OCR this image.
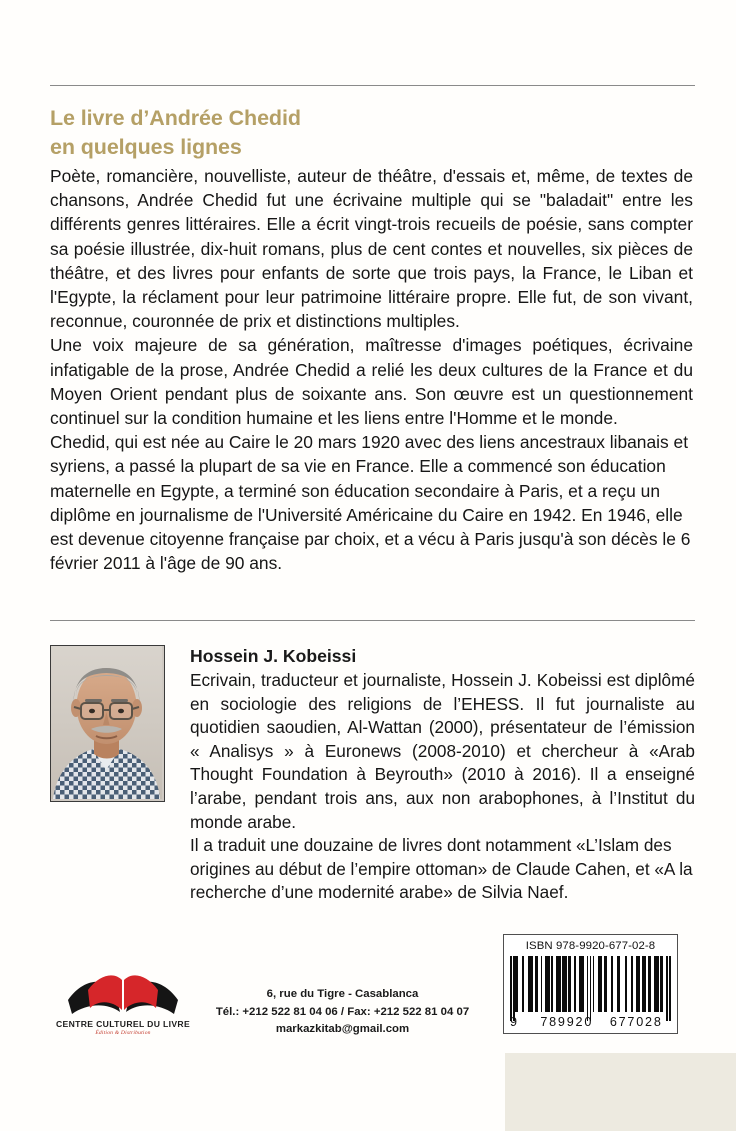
Le livre d’Andrée Chedid
en quelques lignes

Poète, romancière, nouvelliste, auteur de théâtre, d'essais et, même, de textes de chansons, Andrée Chedid fut une écrivaine multiple qui se "baladait" entre les différents genres littéraires. Elle a écrit vingt-trois recueils de poésie, sans compter sa poésie illustrée, dix-huit romans, plus de cent contes et nouvelles, six pièces de théâtre, et des livres pour enfants de sorte que trois pays, la France, le Liban et l'Egypte, la réclament pour leur patrimoine littéraire propre. Elle fut, de son vivant, reconnue, couronnée de prix et distinctions multiples.

Une voix majeure de sa génération, maîtresse d'images poétiques, écrivaine infatigable de la prose, Andrée Chedid a relié les deux cultures de la France et du Moyen Orient pendant plus de soixante ans. Son œuvre est un questionnement continuel sur la condition humaine et les liens entre l'Homme et le monde.

Chedid, qui est née au Caire le 20 mars 1920 avec des liens ancestraux libanais et syriens, a passé la plupart de sa vie en France. Elle a commencé son éducation maternelle en Egypte, a terminé son éducation secondaire à Paris, et a reçu un diplôme en journalisme de l'Université Américaine du Caire en 1942. En 1946, elle est devenue citoyenne française par choix, et a vécu à Paris jusqu'à son décès le 6 février 2011 à l'âge de 90 ans.

Hossein J. Kobeissi

Ecrivain, traducteur et journaliste, Hossein J. Kobeissi est diplômé en sociologie des religions de l’EHESS. Il fut journaliste au quotidien saoudien, Al-Wattan (2000), présentateur de l’émission « Analisys » à Euronews (2008-2010) et chercheur à «Arab Thought Foundation à Beyrouth» (2010 à 2016). Il a enseigné l’arabe, pendant trois ans, aux non arabophones, à l’Institut du monde arabe.

Il a traduit une douzaine de livres dont notamment «L’Islam des origines au début de l’empire ottoman» de Claude Cahen, et «A la recherche d’une modernité arabe» de Silvia Naef.

CENTRE CULTUREL DU LIVRE
Édition & Distribution
6, rue du Tigre - Casablanca
Tél.: +212 522 81 04 06 / Fax: +212 522 81 04 07
markazkitab@gmail.com
ISBN 978-9920-677-02-8
9	789920	677028
